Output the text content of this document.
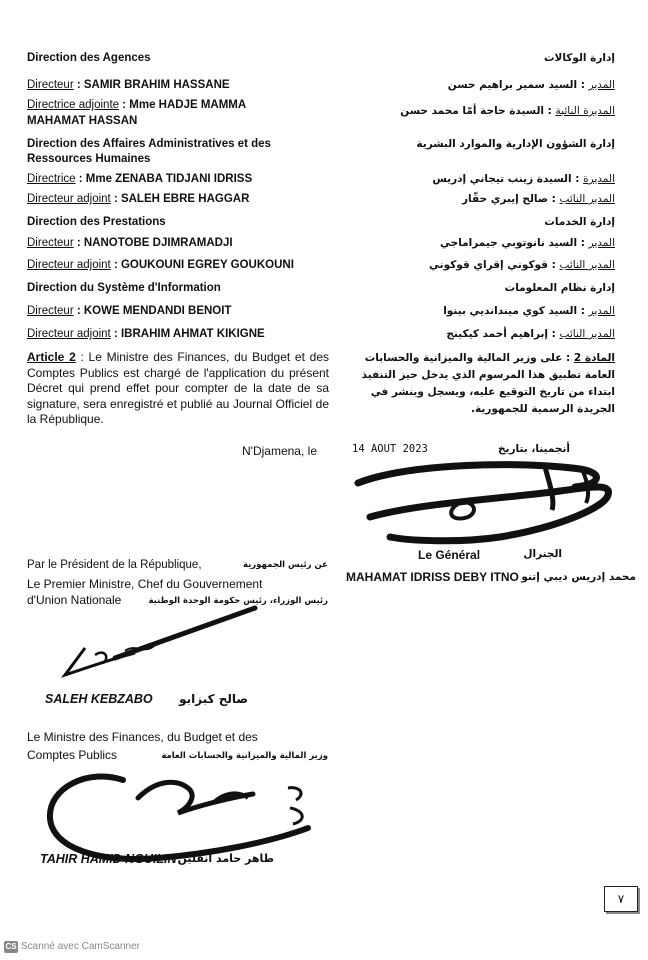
Direction des Agences	إدارة الوكالات
Directeur : SAMIR BRAHIM HASSANE	المدير : السيد سمير براهيم حسن
Directrice adjointe : Mme HADJE MAMMA	المديرة النائبة : السيدة حاجة أمّا محمد حسن
MAHAMAT HASSAN
Direction des Affaires Administratives et des	إدارة الشؤون الإدارية والموارد البشرية
Ressources Humaines
Directrice : Mme ZENABA TIDJANI IDRISS	المديرة : السيدة زينب تيجاني إدريس
Directeur adjoint : SALEH EBRE HAGGAR	المدير النائب : صالح إيبري حقّار
Direction des Prestations	إدارة الخدمات
Directeur : NANOTOBE DJIMRAMADJI	المدير : السيد نانوتوبي جيمراماجي
Directeur adjoint : GOUKOUNI EGREY GOUKOUNI	المدير النائب : قوكوني إقراي قوكوني
Direction du Système d'Information	إدارة نظام المعلومات
Directeur : KOWE MENDANDI BENOIT	المدير : السيد كوي ميندانديي بينوا
Directeur adjoint : IBRAHIM AHMAT KIKIGNE	المدير النائب : إبراهيم أحمد كيكينج
Article 2 : Le Ministre des Finances, du Budget et des Comptes Publics est chargé de l'application du présent Décret qui prend effet pour compter de la date de sa signature, sera enregistré et publié au Journal Officiel de la République.
المادة 2 : على وزير المالية والميزانية والحسابات العامة تطبيق هذا المرسوم الذي يدخل حيز التنفيذ ابتداء من تاريخ التوقيع عليه، ويسجل وينشر في الجريدة الرسمية للجمهورية.
N'Djamena, le	14 AOUT 2023	أنجمينا، بتاريخ
Le Général	الجنرال
MAHAMAT IDRISS DEBY ITNO محمد إدريس ديبي إتنو
Par le Président de la République,	عن رئيس الجمهورية
Le Premier Ministre, Chef du Gouvernement
d'Union Nationale	رئيس الوزراء، رئيس حكومة الوحدة الوطنية
SALEH KEBZABO صالح كبزابو
Le Ministre des Finances, du Budget et des
Comptes Publics	وزير المالية والميزانية والحسابات العامة
TAHIR HAMID NGUILIN طاهر حامد انقلين
٧
CS Scanné avec CamScanner
